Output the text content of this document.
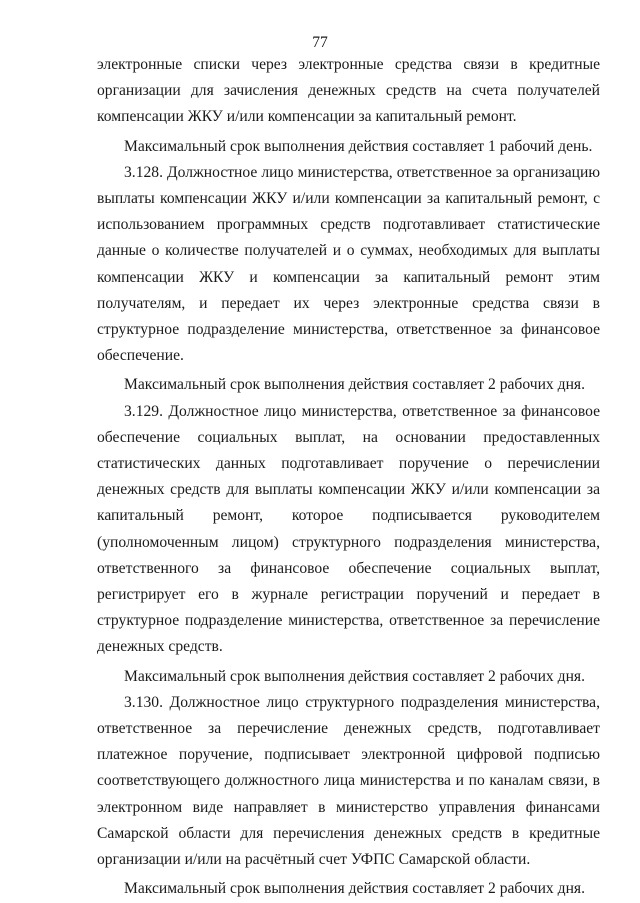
77

электронные списки через электронные средства связи в кредитные организации для зачисления денежных средств на счета получателей компенсации ЖКУ и/или компенсации за капитальный ремонт.

Максимальный срок выполнения действия составляет 1 рабочий день.

3.128. Должностное лицо министерства, ответственное за организацию выплаты компенсации ЖКУ и/или компенсации за капитальный ремонт, с использованием программных средств подготавливает статистические данные о количестве получателей и о суммах, необходимых для выплаты компенсации ЖКУ и компенсации за капитальный ремонт этим получателям, и передает их через электронные средства связи в структурное подразделение министерства, ответственное за финансовое обеспечение.

Максимальный срок выполнения действия составляет 2 рабочих дня.

3.129. Должностное лицо министерства, ответственное за финансовое обеспечение социальных выплат, на основании предоставленных статистических данных подготавливает поручение о перечислении денежных средств для выплаты компенсации ЖКУ и/или компенсации за капитальный ремонт, которое подписывается руководителем (уполномоченным лицом) структурного подразделения министерства, ответственного за финансовое обеспечение социальных выплат, регистрирует его в журнале регистрации поручений и передает в структурное подразделение министерства, ответственное за перечисление денежных средств.

Максимальный срок выполнения действия составляет 2 рабочих дня.

3.130. Должностное лицо структурного подразделения министерства, ответственное за перечисление денежных средств, подготавливает платежное поручение, подписывает электронной цифровой подписью соответствующего должностного лица министерства и по каналам связи, в электронном виде направляет в министерство управления финансами Самарской области для перечисления денежных средств в кредитные организации и/или на расчётный счет УФПС Самарской области.

Максимальный срок выполнения действия составляет 2 рабочих дня.
